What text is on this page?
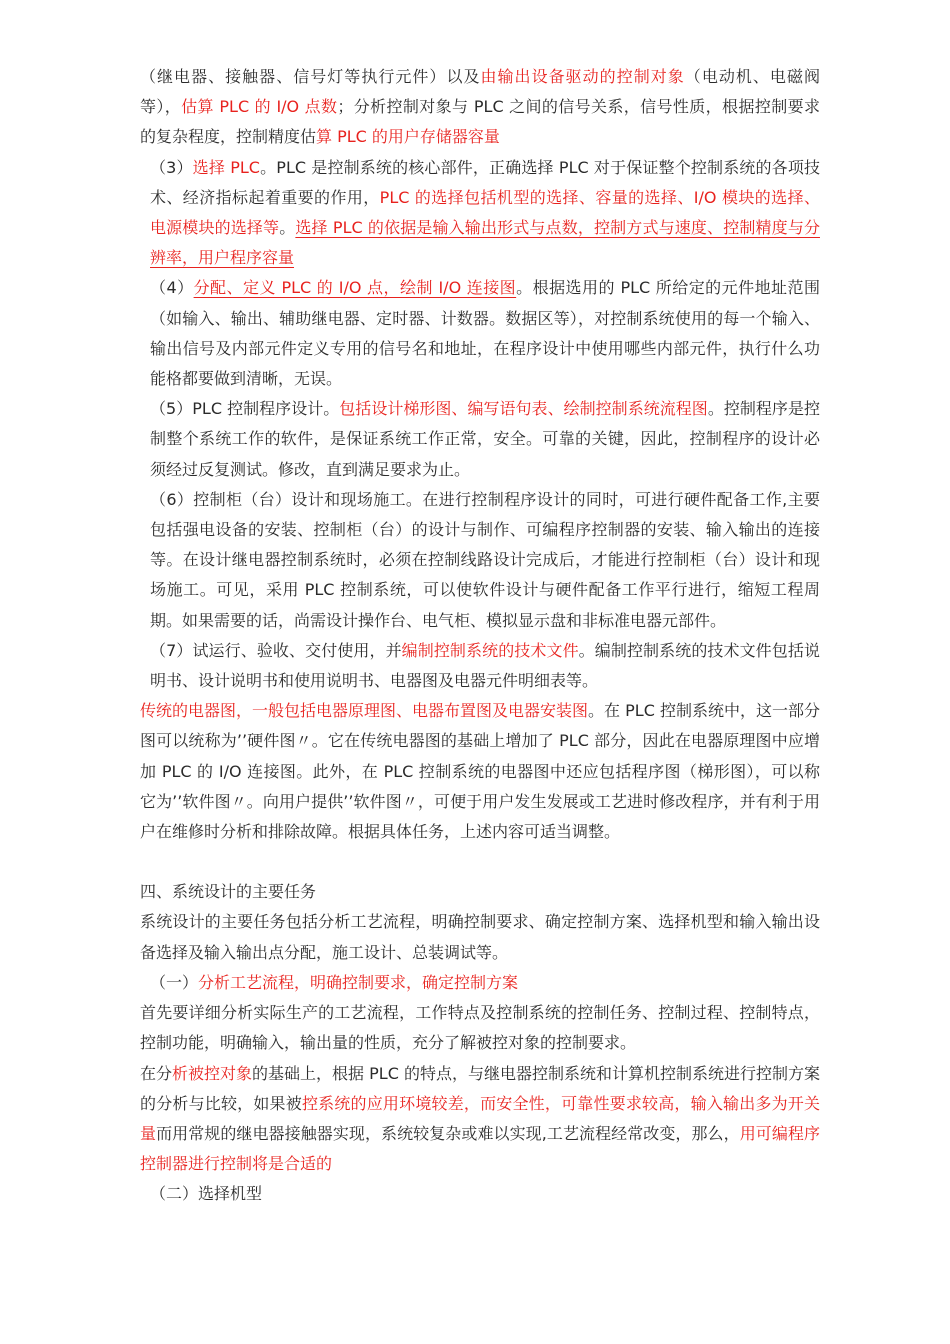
（继电器、接触器、信号灯等执行元件）以及由输出设备驱动的控制对象（电动机、电磁阀等），估算 PLC 的 I/O 点数；分析控制对象与 PLC 之间的信号关系，信号性质，根据控制要求的复杂程度，控制精度估算 PLC 的用户存储器容量

（3）选择 PLC。PLC 是控制系统的核心部件，正确选择 PLC 对于保证整个控制系统的各项技术、经济指标起着重要的作用，PLC 的选择包括机型的选择、容量的选择、I/O 模块的选择、电源模块的选择等。选择 PLC 的依据是输入输出形式与点数，控制方式与速度、控制精度与分辨率，用户程序容量

（4）分配、定义 PLC 的 I/O 点，绘制 I/O 连接图。根据选用的 PLC 所给定的元件地址范围（如输入、输出、辅助继电器、定时器、计数器。数据区等），对控制系统使用的每一个输入、输出信号及内部元件定义专用的信号名和地址，在程序设计中使用哪些内部元件，执行什么功能格都要做到清晰，无误。

（5）PLC 控制程序设计。包括设计梯形图、编写语句表、绘制控制系统流程图。控制程序是控制整个系统工作的软件，是保证系统工作正常，安全。可靠的关键，因此，控制程序的设计必须经过反复测试。修改，直到满足要求为止。

（6）控制柜（台）设计和现场施工。在进行控制程序设计的同时，可进行硬件配备工作,主要包括强电设备的安装、控制柜（台）的设计与制作、可编程序控制器的安装、输入输出的连接等。在设计继电器控制系统时，必须在控制线路设计完成后，才能进行控制柜（台）设计和现场施工。可见，采用 PLC 控制系统，可以使软件设计与硬件配备工作平行进行，缩短工程周期。如果需要的话，尚需设计操作台、电气柜、模拟显示盘和非标准电器元部件。

（7）试运行、验收、交付使用，并编制控制系统的技术文件。编制控制系统的技术文件包括说明书、设计说明书和使用说明书、电器图及电器元件明细表等。

传统的电器图，一般包括电器原理图、电器布置图及电器安装图。在 PLC 控制系统中，这一部分图可以统称为’’硬件图〃。它在传统电器图的基础上增加了 PLC 部分，因此在电器原理图中应增加 PLC 的 I/O 连接图。此外，在 PLC 控制系统的电器图中还应包括程序图（梯形图），可以称它为’’软件图〃。向用户提供’’软件图〃，可便于用户发生发展或工艺进时修改程序，并有利于用户在维修时分析和排除故障。根据具体任务，上述内容可适当调整。

四、系统设计的主要任务

系统设计的主要任务包括分析工艺流程，明确控制要求、确定控制方案、选择机型和输入输出设备选择及输入输出点分配，施工设计、总装调试等。

（一）分析工艺流程，明确控制要求，确定控制方案

首先要详细分析实际生产的工艺流程，工作特点及控制系统的控制任务、控制过程、控制特点，控制功能，明确输入，输出量的性质，充分了解被控对象的控制要求。

在分析被控对象的基础上，根据 PLC 的特点，与继电器控制系统和计算机控制系统进行控制方案的分析与比较，如果被控系统的应用环境较差，而安全性，可靠性要求较高，输入输出多为开关量而用常规的继电器接触器实现，系统较复杂或难以实现,工艺流程经常改变，那么，用可编程序控制器进行控制将是合适的

（二）选择机型
